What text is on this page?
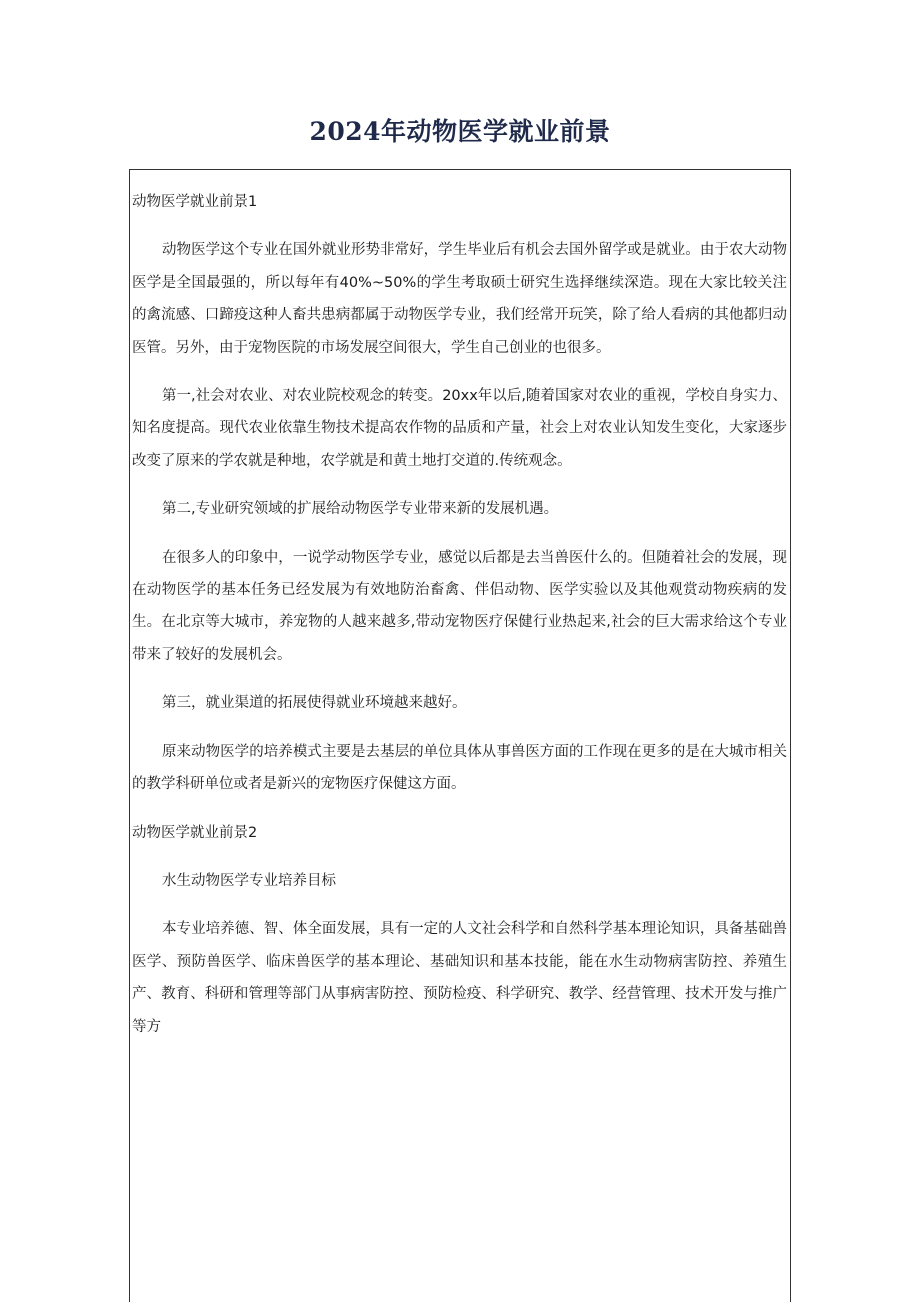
2024年动物医学就业前景

动物医学就业前景1

动物医学这个专业在国外就业形势非常好，学生毕业后有机会去国外留学或是就业。由于农大动物医学是全国最强的，所以每年有40%~50%的学生考取硕士研究生选择继续深造。现在大家比较关注的禽流感、口蹄疫这种人畜共患病都属于动物医学专业，我们经常开玩笑，除了给人看病的其他都归动医管。另外，由于宠物医院的市场发展空间很大，学生自己创业的也很多。

第一,社会对农业、对农业院校观念的转变。20xx年以后,随着国家对农业的重视，学校自身实力、知名度提高。现代农业依靠生物技术提高农作物的品质和产量，社会上对农业认知发生变化，大家逐步改变了原来的学农就是种地，农学就是和黄土地打交道的.传统观念。

第二,专业研究领域的扩展给动物医学专业带来新的发展机遇。

在很多人的印象中，一说学动物医学专业，感觉以后都是去当兽医什么的。但随着社会的发展，现在动物医学的基本任务已经发展为有效地防治畜禽、伴侣动物、医学实验以及其他观赏动物疾病的发生。在北京等大城市，养宠物的人越来越多,带动宠物医疗保健行业热起来,社会的巨大需求给这个专业带来了较好的发展机会。

第三，就业渠道的拓展使得就业环境越来越好。

原来动物医学的培养模式主要是去基层的单位具体从事兽医方面的工作现在更多的是在大城市相关的教学科研单位或者是新兴的宠物医疗保健这方面。

动物医学就业前景2

水生动物医学专业培养目标

本专业培养德、智、体全面发展，具有一定的人文社会科学和自然科学基本理论知识，具备基础兽医学、预防兽医学、临床兽医学的基本理论、基础知识和基本技能，能在水生动物病害防控、养殖生产、教育、科研和管理等部门从事病害防控、预防检疫、科学研究、教学、经营管理、技术开发与推广等方
